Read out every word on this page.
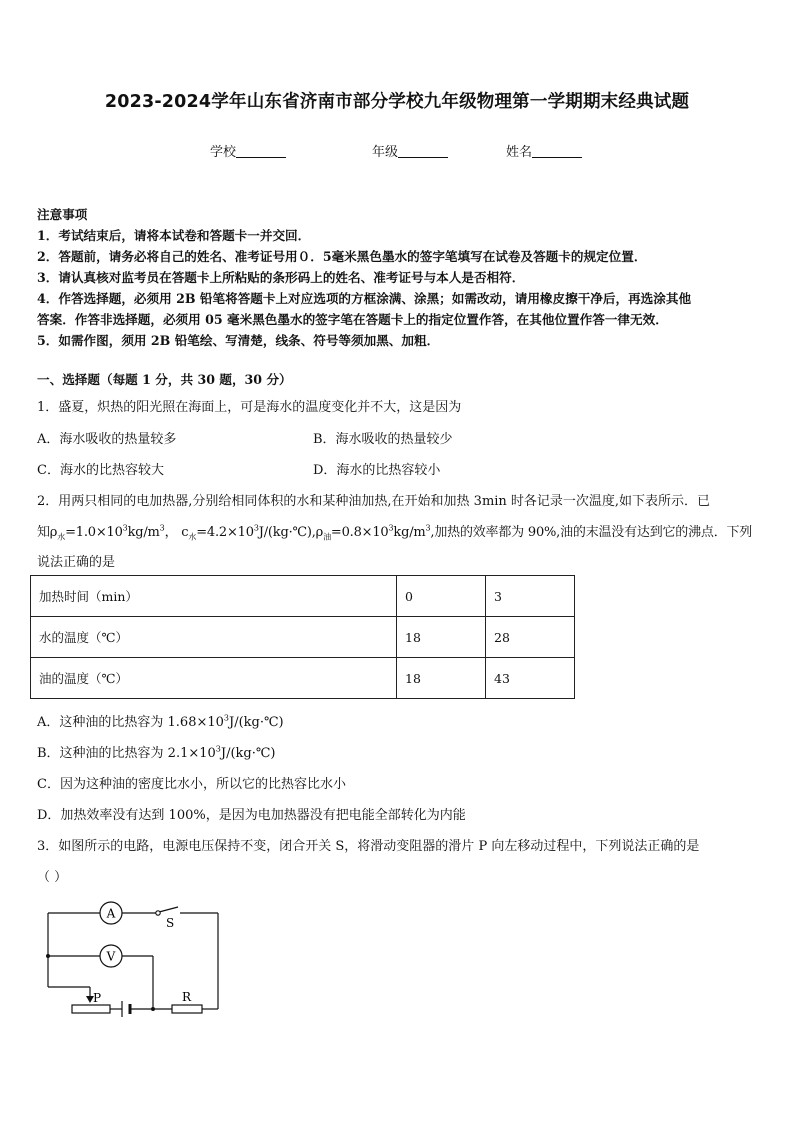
2023-2024学年山东省济南市部分学校九年级物理第一学期期末经典试题
学校	年级	姓名
注意事项
1．考试结束后，请将本试卷和答题卡一并交回．
2．答题前，请务必将自己的姓名、准考证号用０．5毫米黑色墨水的签字笔填写在试卷及答题卡的规定位置．
3．请认真核对监考员在答题卡上所粘贴的条形码上的姓名、准考证号与本人是否相符．
4．作答选择题，必须用 2B 铅笔将答题卡上对应选项的方框涂满、涂黑；如需改动，请用橡皮擦干净后，再选涂其他
答案．作答非选择题，必须用 05 毫米黑色墨水的签字笔在答题卡上的指定位置作答，在其他位置作答一律无效．
5．如需作图，须用 2B 铅笔绘、写清楚，线条、符号等须加黑、加粗．
一、选择题（每题 1 分，共 30 题，30 分）
1．盛夏，炽热的阳光照在海面上，可是海水的温度变化并不大，这是因为
A．海水吸收的热量较多	B．海水吸收的热量较少
C．海水的比热容较大	D．海水的比热容较小
2．用两只相同的电加热器,分别给相同体积的水和某种油加热,在开始和加热 3min 时各记录一次温度,如下表所示．已
知$\rho_水=1.0\times 10^3kg/m^3$， $c_水=4.2\times 10^3J/(kg\cdot℃),\rho_油=0.8\times 10^3kg/m^3$,加热的效率都为 90%,油的末温没有达到它的沸点．下列
说法正确的是
加热时间（min）	0	3
水的温度（℃）	18	28
油的温度（℃）	18	43
A．这种油的比热容为 $1.68\times 10^3J/(kg\cdot℃)$
B．这种油的比热容为 $2.1\times 10^3J/(kg\cdot℃)$
C．因为这种油的密度比水小，所以它的比热容比水小
D．加热效率没有达到 100%，是因为电加热器没有把电能全部转化为内能
3．如图所示的电路，电源电压保持不变，闭合开关 S，将滑动变阻器的滑片 P 向左移动过程中，下列说法正确的是
（ ）
A
V
S
P	R
